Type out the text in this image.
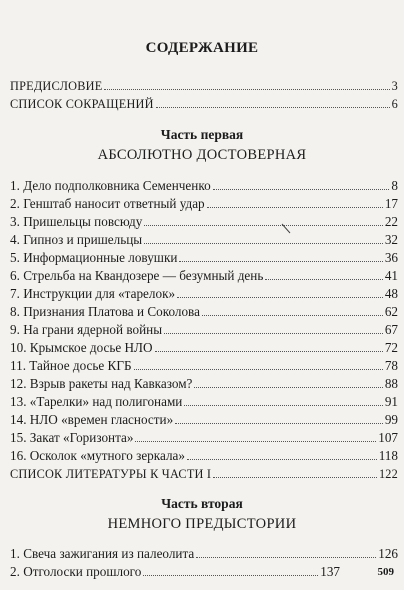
СОДЕРЖАНИЕ
ПРЕДИСЛОВИЕ	3
СПИСОК СОКРАЩЕНИЙ	6
Часть первая
АБСОЛЮТНО ДОСТОВЕРНАЯ
1. Дело подполковника Семенченко	8
2. Генштаб наносит ответный удар	17
3. Пришельцы повсюду	22
4. Гипноз и пришельцы	32
5. Информационные ловушки	36
6. Стрельба на Квандозере — безумный день	41
7. Инструкции для «тарелок»	48
8. Признания Платова и Соколова	62
9. На грани ядерной войны	67
10. Крымское досье НЛО	72
11. Тайное досье КГБ	78
12. Взрыв ракеты над Кавказом?	88
13. «Тарелки» над полигонами	91
14. НЛО «времен гласности»	99
15. Закат «Горизонта»	107
16. Осколок «мутного зеркала»	118
СПИСОК ЛИТЕРАТУРЫ К ЧАСТИ I	122
Часть вторая
НЕМНОГО ПРЕДЫСТОРИИ
1. Свеча зажигания из палеолита	126
2. Отголоски прошлого	137	509
